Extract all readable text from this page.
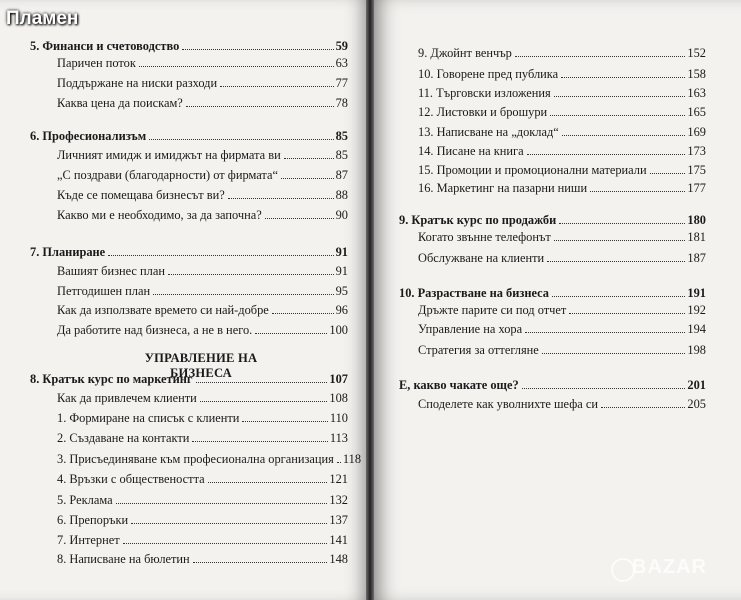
Пламен
УПРАВЛЕНИЕ НА БИЗНЕСА
5. Финанси и счетоводство	59
Паричен поток	63
Поддържане на ниски разходи	77
Каква цена да поискам?	78
6. Професионализъм	85
Личният имидж и имиджът на фирмата ви	85
„С поздрави (благодарности) от фирмата“	87
Къде се помещава бизнесът ви?	88
Какво ми е необходимо, за да започна?	90
7. Планиране	91
Вашият бизнес план	91
Петгодишен план	95
Как да използвате времето си най-добре	96
Да работите над бизнеса, а не в него.	100
8. Кратък курс по маркетинг	107
Как да привлечем клиенти	108
1. Формиране на списък с клиенти	110
2. Създаване на контакти	113
3. Присъединяване към професионална организация 118
4. Връзки с обществеността	121
5. Реклама	132
6. Препоръки	137
7. Интернет	141
8. Написване на бюлетин	148
9. Джойнт венчър	152
10. Говорене пред публика	158
11. Търговски изложения	163
12. Листовки и брошури	165
13. Написване на „доклад“	169
14. Писане на книга	173
15. Промоции и промоционални материали	175
16. Маркетинг на пазарни ниши	177
9. Кратък курс по продажби	180
Когато звънне телефонът	181
Обслужване на клиенти	187
10. Разрастване на бизнеса	191
Дръжте парите си под отчет	192
Управление на хора	194
Стратегия за оттегляне	198
Е, какво чакате още?	201
Споделете как уволнихте шефа си	205
BAZAR
